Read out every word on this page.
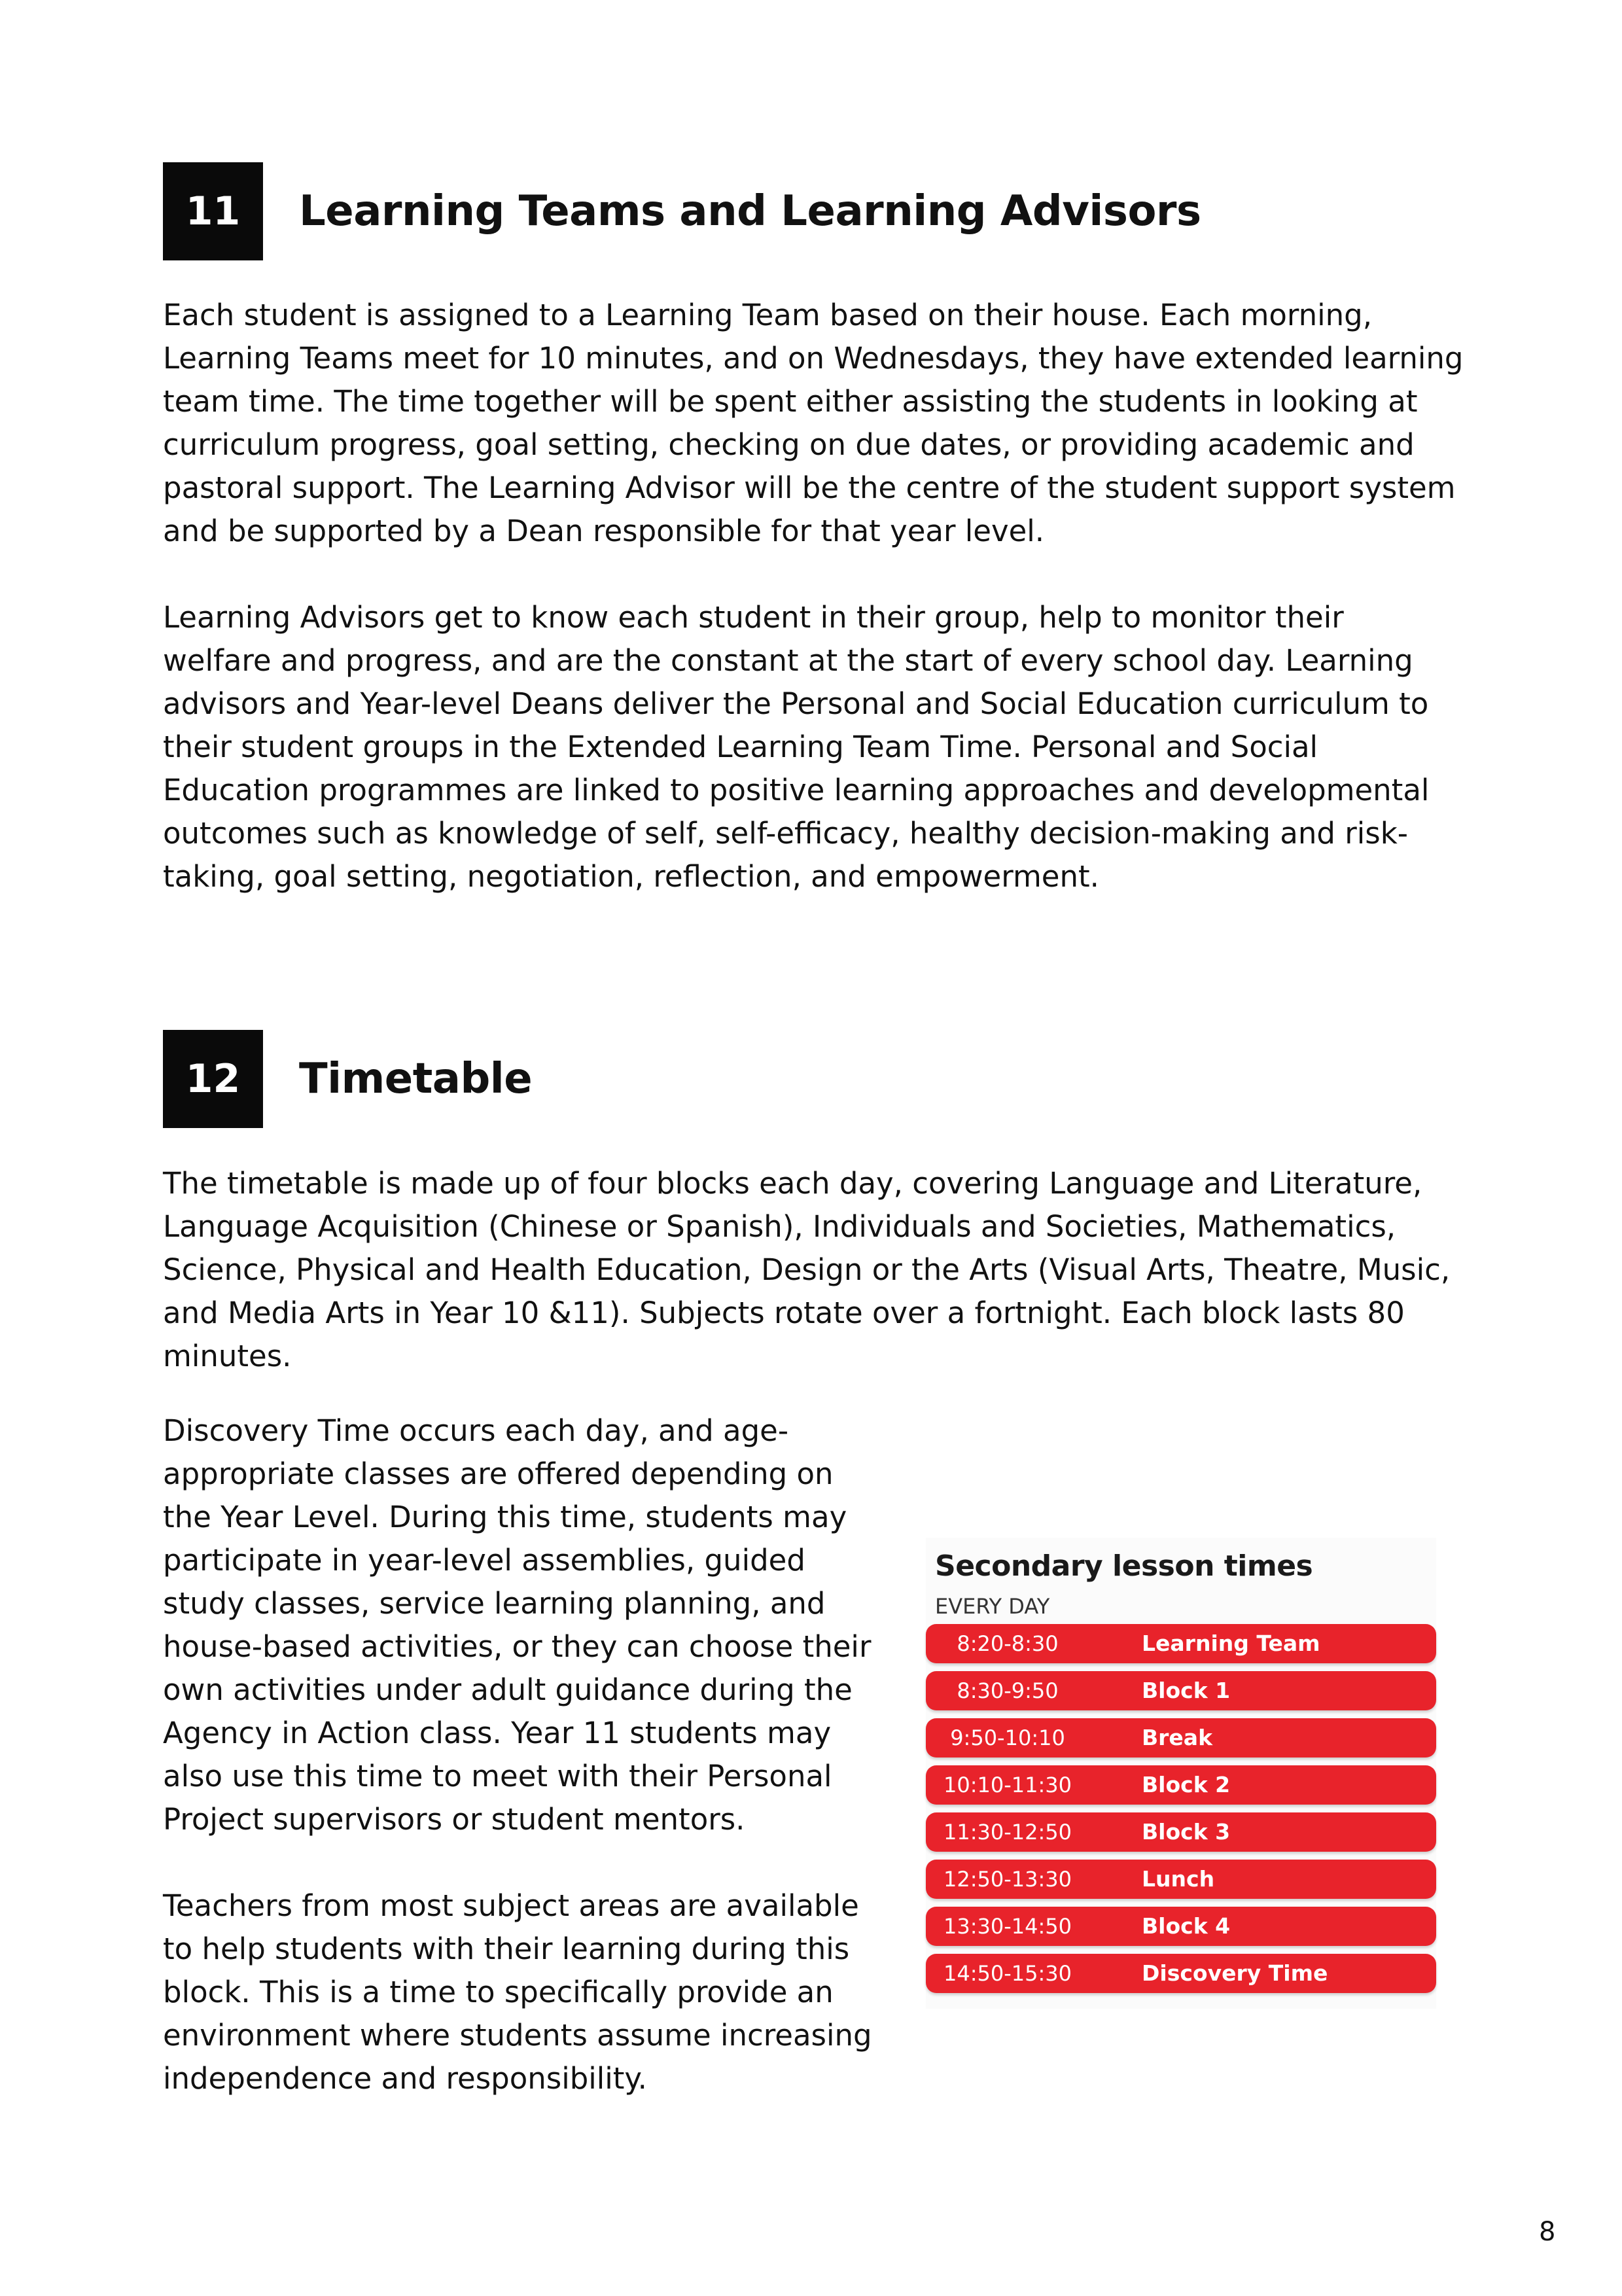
11	Learning Teams and Learning Advisors
Each student is assigned to a Learning Team based on their house. Each morning,
Learning Teams meet for 10 minutes, and on Wednesdays, they have extended learning
team time. The time together will be spent either assisting the students in looking at
curriculum progress, goal setting, checking on due dates, or providing academic and
pastoral support. The Learning Advisor will be the centre of the student support system
and be supported by a Dean responsible for that year level.
Learning Advisors get to know each student in their group, help to monitor their
welfare and progress, and are the constant at the start of every school day. Learning
advisors and Year-level Deans deliver the Personal and Social Education curriculum to
their student groups in the Extended Learning Team Time. Personal and Social
Education programmes are linked to positive learning approaches and developmental
outcomes such as knowledge of self, self-efficacy, healthy decision-making and risk-
taking, goal setting, negotiation, reflection, and empowerment.
12	Timetable
The timetable is made up of four blocks each day, covering Language and Literature,
Language Acquisition (Chinese or Spanish), Individuals and Societies, Mathematics,
Science, Physical and Health Education, Design or the Arts (Visual Arts, Theatre, Music,
and Media Arts in Year 10 &11). Subjects rotate over a fortnight. Each block lasts 80
minutes.
Discovery Time occurs each day, and age-
appropriate classes are offered depending on
the Year Level. During this time, students may
participate in year-level assemblies, guided
study classes, service learning planning, and
house-based activities, or they can choose their
own activities under adult guidance during the
Agency in Action class. Year 11 students may
also use this time to meet with their Personal
Project supervisors or student mentors.
Teachers from most subject areas are available
to help students with their learning during this
block. This is a time to specifically provide an
environment where students assume increasing
independence and responsibility.
Secondary lesson times
EVERY DAY
8:20-8:30	Learning Team
8:30-9:50	Block 1
9:50-10:10	Break
10:10-11:30	Block 2
11:30-12:50	Block 3
12:50-13:30	Lunch
13:30-14:50	Block 4
14:50-15:30	Discovery Time
8
